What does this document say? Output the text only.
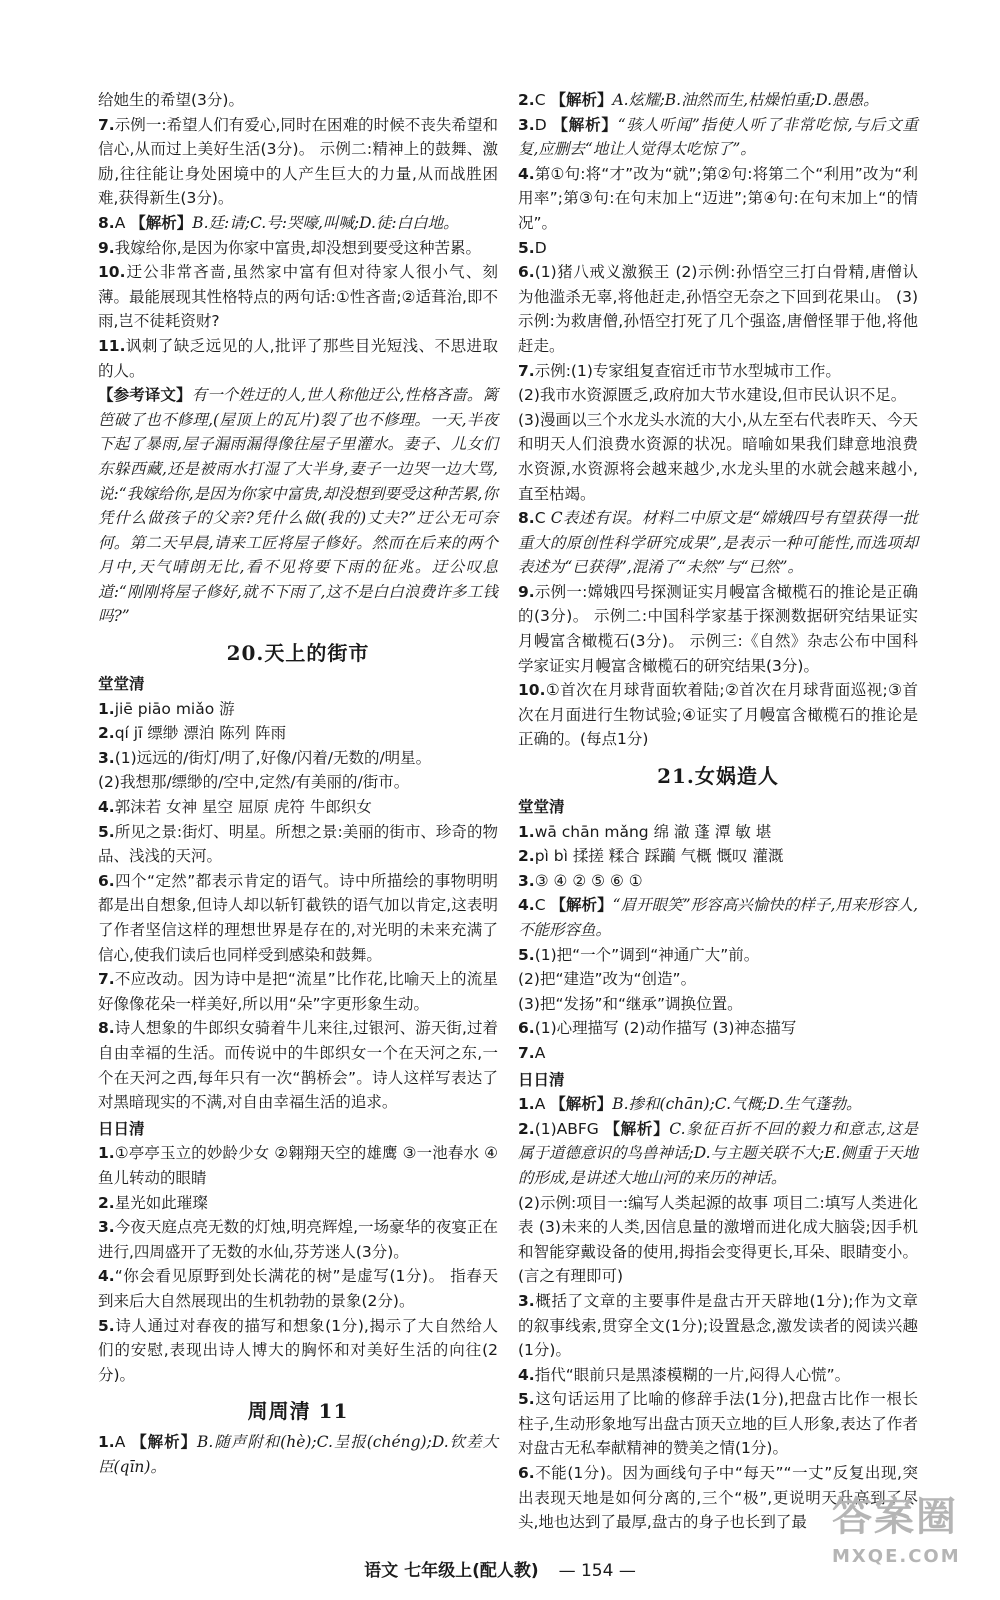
给她生的希望(3分)。

7.示例一:希望人们有爱心,同时在困难的时候不丧失希望和信心,从而过上美好生活(3分)。 示例二:精神上的鼓舞、激励,往往能让身处困境中的人产生巨大的力量,从而战胜困难,获得新生(3分)。

8.A 【解析】B.廷:请;C.号:哭嚎,叫喊;D.徒:白白地。

9.我嫁给你,是因为你家中富贵,却没想到要受这种苦累。

10.迂公非常吝啬,虽然家中富有但对待家人很小气、刻薄。最能展现其性格特点的两句话:①性吝啬;②适葺治,即不雨,岂不徒耗资财?

11.讽刺了缺乏远见的人,批评了那些目光短浅、不思进取的人。

【参考译文】有一个姓迂的人,世人称他迂公,性格吝啬。篱笆破了也不修理,(屋顶上的瓦片)裂了也不修理。一天,半夜下起了暴雨,屋子漏雨漏得像往屋子里灌水。妻子、儿女们东躲西藏,还是被雨水打湿了大半身,妻子一边哭一边大骂,说:“我嫁给你,是因为你家中富贵,却没想到要受这种苦累,你凭什么做孩子的父亲?凭什么做(我的)丈夫?”迂公无可奈何。第二天早晨,请来工匠将屋子修好。然而在后来的两个月中,天气晴朗无比,看不见将要下雨的征兆。迂公叹息道:“刚刚将屋子修好,就不下雨了,这不是白白浪费许多工钱吗?”

20.天上的街市
堂堂清

1.jiē piāo miǎo 游

2.qí jī 缥缈 漂泊 陈列 阵雨

3.(1)远远的/街灯/明了,好像/闪着/无数的/明星。

(2)我想那/缥缈的/空中,定然/有美丽的/街市。

4.郭沫若 女神 星空 屈原 虎符 牛郎织女

5.所见之景:街灯、明星。所想之景:美丽的街市、珍奇的物品、浅浅的天河。

6.四个“定然”都表示肯定的语气。诗中所描绘的事物明明都是出自想象,但诗人却以斩钉截铁的语气加以肯定,这表明了作者坚信这样的理想世界是存在的,对光明的未来充满了信心,使我们读后也同样受到感染和鼓舞。

7.不应改动。因为诗中是把“流星”比作花,比喻天上的流星好像像花朵一样美好,所以用“朵”字更形象生动。

8.诗人想象的牛郎织女骑着牛儿来往,过银河、游天街,过着自由幸福的生活。而传说中的牛郎织女一个在天河之东,一个在天河之西,每年只有一次“鹊桥会”。诗人这样写表达了对黑暗现实的不满,对自由幸福生活的追求。

日日清

1.①亭亭玉立的妙龄少女 ②翱翔天空的雄鹰 ③一池春水 ④鱼儿转动的眼睛

2.星光如此璀璨

3.今夜天庭点亮无数的灯烛,明亮辉煌,一场豪华的夜宴正在进行,四周盛开了无数的水仙,芬芳迷人(3分)。

4.“你会看见原野到处长满花的树”是虚写(1分)。 指春天到来后大自然展现出的生机勃勃的景象(2分)。

5.诗人通过对春夜的描写和想象(1分),揭示了大自然给人们的安慰,表现出诗人博大的胸怀和对美好生活的向往(2分)。

周周清 11

1.A 【解析】B.随声附和(hè);C.呈报(chéng);D.钦差大臣(qīn)。

2.C 【解析】A.炫耀;B.油然而生,枯燥怕重;D.愚愚。

3.D 【解析】“骇人听闻”指使人听了非常吃惊,与后文重复,应删去“地让人觉得太吃惊了”。

4.第①句:将“才”改为“就”;第②句:将第二个“利用”改为“利用率”;第③句:在句末加上“迈进”;第④句:在句末加上“的情况”。

5.D

6.(1)猪八戒义激猴王 (2)示例:孙悟空三打白骨精,唐僧认为他滥杀无辜,将他赶走,孙悟空无奈之下回到花果山。 (3)示例:为救唐僧,孙悟空打死了几个强盗,唐僧怪罪于他,将他赶走。

7.示例:(1)专家组复查宿迁市节水型城市工作。

(2)我市水资源匮乏,政府加大节水建设,但市民认识不足。

(3)漫画以三个水龙头水流的大小,从左至右代表昨天、今天和明天人们浪费水资源的状况。暗喻如果我们肆意地浪费水资源,水资源将会越来越少,水龙头里的水就会越来越小,直至枯竭。

8.C C表述有误。材料二中原文是“嫦娥四号有望获得一批重大的原创性科学研究成果”,是表示一种可能性,而选项却表述为“已获得”,混淆了“未然”与“已然”。

9.示例一:嫦娥四号探测证实月幔富含橄榄石的推论是正确的(3分)。 示例二:中国科学家基于探测数据研究结果证实月幔富含橄榄石(3分)。 示例三:《自然》杂志公布中国科学家证实月幔富含橄榄石的研究结果(3分)。

10.①首次在月球背面软着陆;②首次在月球背面巡视;③首次在月面进行生物试验;④证实了月幔富含橄榄石的推论是正确的。(每点1分)

21.女娲造人
堂堂清

1.wā chān mǎng 绵 澈 蓬 潭 敏 堪

2.pì bì 揉搓 糅合 踩躏 气概 慨叹 灌溉

3.③ ④ ② ⑤ ⑥ ①

4.C 【解析】“眉开眼笑”形容高兴愉快的样子,用来形容人,不能形容鱼。

5.(1)把“一个”调到“神通广大”前。

(2)把“建造”改为“创造”。

(3)把“发扬”和“继承”调换位置。

6.(1)心理描写 (2)动作描写 (3)神态描写

7.A

日日清

1.A 【解析】B.掺和(chān);C.气概;D.生气蓬勃。

2.(1)ABFG 【解析】C.象征百折不回的毅力和意志,这是属于道德意识的鸟兽神话;D.与主题关联不大;E.侧重于天地的形成,是讲述大地山河的来历的神话。

(2)示例:项目一:编写人类起源的故事 项目二:填写人类进化表 (3)未来的人类,因信息量的激增而进化成大脑袋;因手机和智能穿戴设备的使用,拇指会变得更长,耳朵、眼睛变小。(言之有理即可)

3.概括了文章的主要事件是盘古开天辟地(1分);作为文章的叙事线索,贯穿全文(1分);设置悬念,激发读者的阅读兴趣(1分)。

4.指代“眼前只是黑漆模糊的一片,闷得人心慌”。

5.这句话运用了比喻的修辞手法(1分),把盘古比作一根长柱子,生动形象地写出盘古顶天立地的巨人形象,表达了作者对盘古无私奉献精神的赞美之情(1分)。

6.不能(1分)。因为画线句子中“每天”“一丈”反复出现,突出表现天地是如何分离的,三个“极”,更说明天升高到了尽头,地也达到了最厚,盘古的身子也长到了最

语文 七年级上(配人教) — 154 —
答案圈
MXQE.COM
